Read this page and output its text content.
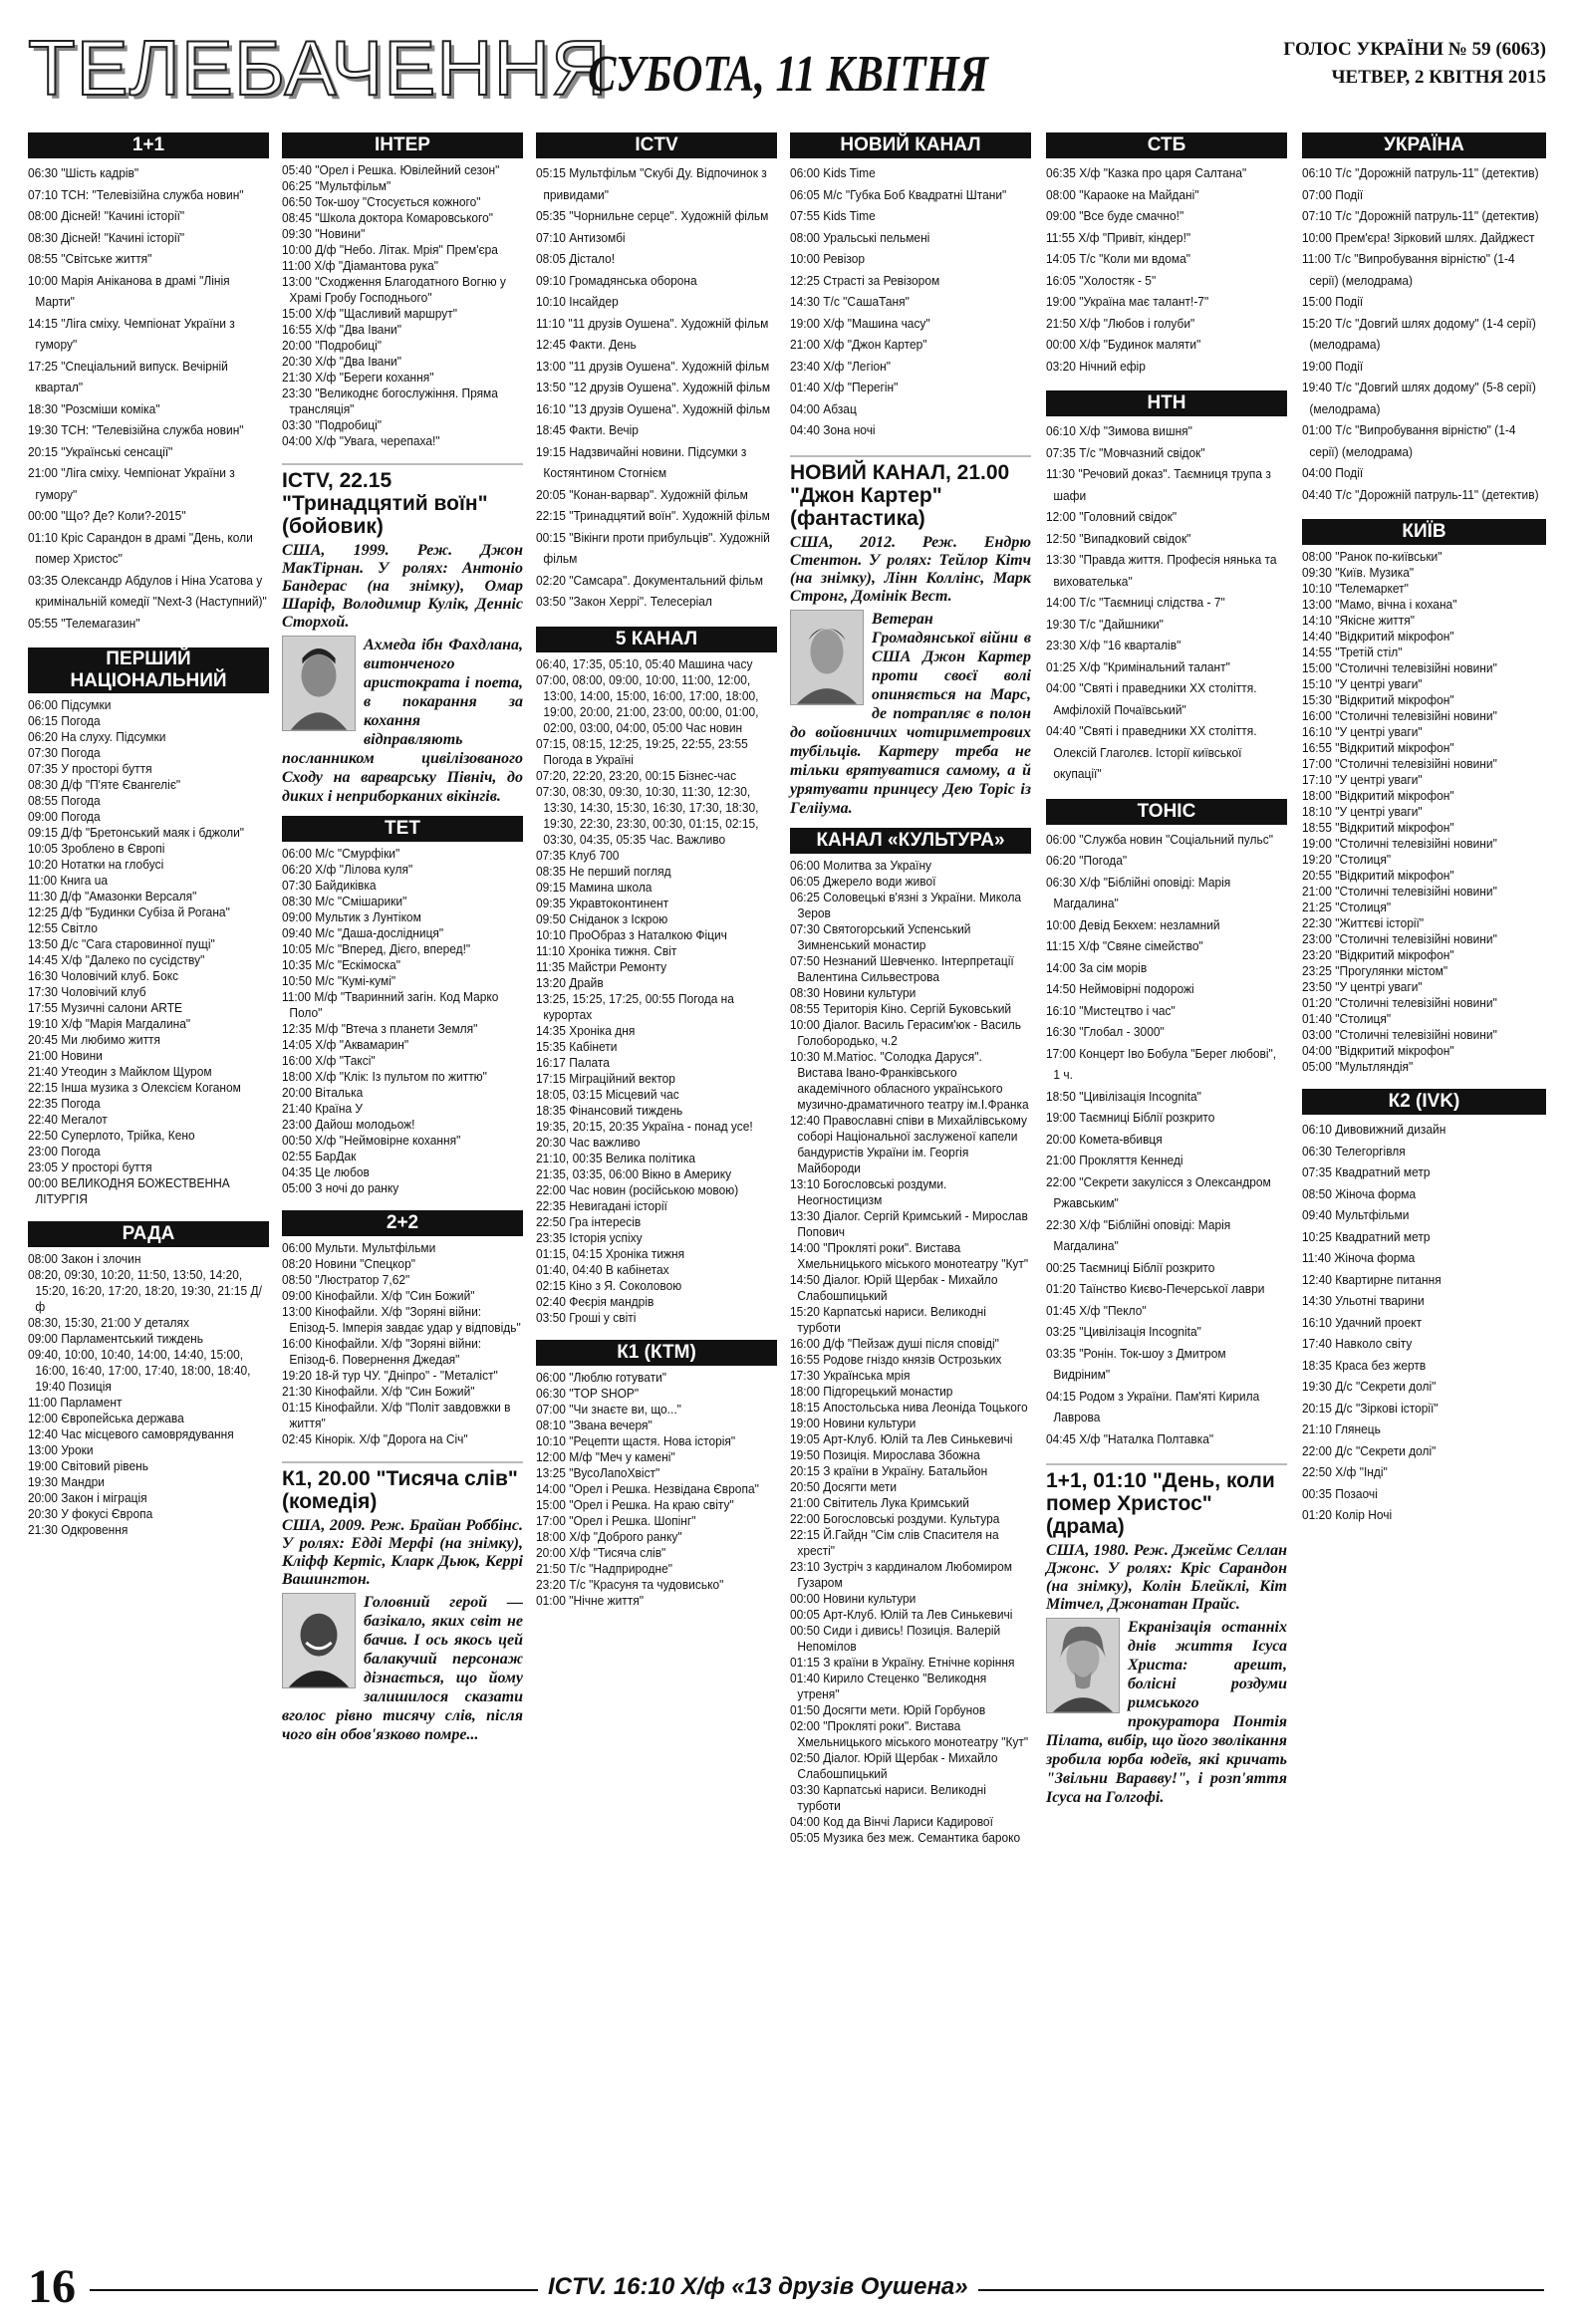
ТЕЛЕБАЧЕННЯ
СУБОТА, 11 КВІТНЯ	ГОЛОС УКРАЇНИ № 59 (6063)
ЧЕТВЕР, 2 КВІТНЯ 2015
1+1
06:30 "Шість кадрів"
07:10 ТСН: "Телевізійна служба новин"
08:00 Дісней! "Качині історії"
08:30 Дісней! "Качині історії"
08:55 "Світське життя"
10:00 Марія Аніканова в драмі "Лінія Марти"
14:15 "Ліга сміху. Чемпіонат України з гумору"
17:25 "Спеціальний випуск. Вечірній квартал"
18:30 "Розсміши коміка"
19:30 ТСН: "Телевізійна служба новин"
20:15 "Українські сенсації"
21:00 "Ліга сміху. Чемпіонат України з гумору"
00:00 "Що? Де? Коли?-2015"
01:10 Кріс Сарандон в драмі "День, коли помер Христос"
03:35 Олександр Абдулов і Ніна Усатова у кримінальній комедії "Next-3 (Наступний)"
05:55 "Телемагазин"
ПЕРШИЙ НАЦІОНАЛЬНИЙ
06:00 Підсумки
06:15 Погода
06:20 На слуху. Підсумки
07:30 Погода
07:35 У просторі буття
08:30 Д/ф "П'яте Євангеліє"
08:55 Погода
09:00 Погода
09:15 Д/ф "Бретонський маяк і бджоли"
10:05 Зроблено в Європі
10:20 Нотатки на глобусі
11:00 Книга ua
11:30 Д/ф "Амазонки Версаля"
12:25 Д/ф "Будинки Субіза й Рогана"
12:55 Світло
13:50 Д/с "Сага старовинної пущі"
14:45 Х/ф "Далеко по сусідству"
16:30 Чоловічий клуб. Бокс
17:30 Чоловічий клуб
17:55 Музичні салони ARTE
19:10 Х/ф "Марія Магдалина"
20:45 Ми любимо життя
21:00 Новини
21:40 Утеодин з Майклом Щуром
22:15 Інша музика з Олексієм Коганом
22:35 Погода
22:40 Мегалот
22:50 Суперлото, Трійка, Кено
23:00 Погода
23:05 У просторі буття
00:00 ВЕЛИКОДНЯ БОЖЕСТВЕННА ЛІТУРГІЯ
РАДА
08:00 Закон і злочин
08:20, 09:30, 10:20, 11:50, 13:50, 14:20, 15:20, 16:20, 17:20, 18:20, 19:30, 21:15 Д/ф
08:30, 15:30, 21:00 У деталях
09:00 Парламентський тиждень
09:40, 10:00, 10:40, 14:00, 14:40, 15:00, 16:00, 16:40, 17:00, 17:40, 18:00, 18:40, 19:40 Позиція
11:00 Парламент
12:00 Європейська держава
12:40 Час місцевого самоврядування
13:00 Уроки
19:00 Світовий рівень
19:30 Мандри
20:00 Закон і міграція
20:30 У фокусі Європа
21:30 Одкровення
ІНТЕР
05:40 "Орел і Решка. Ювілейний сезон"
06:25 "Мультфільм"
06:50 Ток-шоу "Стосується кожного"
08:45 "Школа доктора Комаровського"
09:30 "Новини"
10:00 Д/ф "Небо. Літак. Мрія" Прем'єра
11:00 Х/ф "Діамантова рука"
13:00 "Сходження Благодатного Вогню у Храмі Гробу Господнього"
15:00 Х/ф "Щасливий маршрут"
16:55 Х/ф "Два Івани"
20:00 "Подробиці"
20:30 Х/ф "Два Івани"
21:30 Х/ф "Береги кохання"
23:30 "Великоднє богослужіння. Пряма трансляція"
03:30 "Подробиці"
04:00 Х/ф "Увага, черепаха!"
ICTV, 22.15 "Тринадцятий воїн" (бойовик)
США, 1999. Реж. Джон МакТірнан. У ролях: Антоніо Бандерас (на знімку), Омар Шаріф, Володимир Кулік, Денніс Сторхой.
Ахмеда ібн Фахдлана, витонченого аристократа і поета, в покарання за кохання відправляють посланником цивілізованого Сходу на варварську Північ, до диких і неприборканих вікінгів.
ТЕТ
06:00 М/с "Смурфіки"
06:20 Х/ф "Лілова куля"
07:30 Байдиківка
08:30 М/с "Смішарики"
09:00 Мультик з Лунтіком
09:40 М/с "Даша-дослідниця"
10:05 М/с "Вперед, Дієго, вперед!"
10:35 М/с "Ескімоска"
10:50 М/с "Кумі-кумі"
11:00 М/ф "Тваринний загін. Код Марко Поло"
12:35 М/ф "Втеча з планети Земля"
14:05 Х/ф "Аквамарин"
16:00 Х/ф "Таксі"
18:00 Х/ф "Клік: Із пультом по життю"
20:00 Віталька
21:40 Країна У
23:00 Дайош молодьож!
00:50 Х/ф "Неймовірне кохання"
02:55 БарДак
04:35 Це любов
05:00 З ночі до ранку
2+2
06:00 Мульти. Мультфільми
08:20 Новини "Спецкор"
08:50 "Люстратор 7,62"
09:00 Кінофайли. Х/ф "Син Божий"
13:00 Кінофайли. Х/ф "Зоряні війни: Епізод-5. Імперія завдає удар у відповідь"
16:00 Кінофайли. Х/ф "Зоряні війни: Епізод-6. Повернення Джедая"
19:20 18-й тур ЧУ. "Дніпро" - "Металіст"
21:30 Кінофайли. Х/ф "Син Божий"
01:15 Кінофайли. Х/ф "Політ завдовжки в життя"
02:45 Кінорік. Х/ф "Дорога на Січ"
К1, 20.00 "Тисяча слів" (комедія)
США, 2009. Реж. Брайан Роббінс. У ролях: Едді Мерфі (на знімку), Кліфф Кертіс, Кларк Дьюк, Керрі Вашингтон.
Головний герой — базікало, яких світ не бачив. І ось якось цей балакучий персонаж дізнається, що йому залишилося сказати вголос рівно тисячу слів, після чого він обов'язково помре...
ICTV
05:15 Мультфільм "Скубі Ду. Відпочинок з привидами"
05:35 "Чорнильне серце". Художній фільм
07:10 Антизомбі
08:05 Дістало!
09:10 Громадянська оборона
10:10 Інсайдер
11:10 "11 друзів Оушена". Художній фільм
12:45 Факти. День
13:00 "11 друзів Оушена". Художній фільм
13:50 "12 друзів Оушена". Художній фільм
16:10 "13 друзів Оушена". Художній фільм
18:45 Факти. Вечір
19:15 Надзвичайні новини. Підсумки з Костянтином Стогнієм
20:05 "Конан-варвар". Художній фільм
22:15 "Тринадцятий воїн". Художній фільм
00:15 "Вікінги проти прибульців". Художній фільм
02:20 "Самсара". Документальний фільм
03:50 "Закон Херрі". Телесеріал
5 КАНАЛ
06:40, 17:35, 05:10, 05:40 Машина часу
07:00, 08:00, 09:00, 10:00, 11:00, 12:00, 13:00, 14:00, 15:00, 16:00, 17:00, 18:00, 19:00, 20:00, 21:00, 23:00, 00:00, 01:00, 02:00, 03:00, 04:00, 05:00 Час новин
07:15, 08:15, 12:25, 19:25, 22:55, 23:55 Погода в Україні
07:20, 22:20, 23:20, 00:15 Бізнес-час
07:30, 08:30, 09:30, 10:30, 11:30, 12:30, 13:30, 14:30, 15:30, 16:30, 17:30, 18:30, 19:30, 22:30, 23:30, 00:30, 01:15, 02:15, 03:30, 04:35, 05:35 Час. Важливо
07:35 Клуб 700
08:35 Не перший погляд
09:15 Мамина школа
09:35 Укравтоконтинент
09:50 Сніданок з Іскрою
10:10 ПроОбраз з Наталкою Фіцич
11:10 Хроніка тижня. Світ
11:35 Майстри Ремонту
13:20 Драйв
13:25, 15:25, 17:25, 00:55 Погода на курортах
14:35 Хроніка дня
15:35 Кабінети
16:17 Палата
17:15 Міграційний вектор
18:05, 03:15 Місцевий час
18:35 Фінансовий тиждень
19:35, 20:15, 20:35 Україна - понад усе!
20:30 Час важливо
21:10, 00:35 Велика політика
21:35, 03:35, 06:00 Вікно в Америку
22:00 Час новин (російською мовою)
22:35 Невигадані історії
22:50 Гра інтересів
23:35 Історія успіху
01:15, 04:15 Хроніка тижня
01:40, 04:40 В кабінетах
02:15 Кіно з Я. Соколовою
02:40 Феєрія мандрів
03:50 Гроші у світі
К1 (КТМ)
06:00 "Люблю готувати"
06:30 "TOP SHOP"
07:00 "Чи знаєте ви, що..."
08:10 "Звана вечеря"
10:10 "Рецепти щастя. Нова історія"
12:00 М/ф "Меч у камені"
13:25 "ВусоЛапоХвіст"
14:00 "Орел і Решка. Незвідана Європа"
15:00 "Орел і Решка. На краю світу"
17:00 "Орел і Решка. Шопінг"
18:00 Х/ф "Доброго ранку"
20:00 Х/ф "Тисяча слів"
21:50 Т/с "Надприродне"
23:20 Т/с "Красуня та чудовисько"
01:00 "Нічне життя"
НОВИЙ КАНАЛ
06:00 Kids Time
06:05 М/с "Губка Боб Квадратні Штани"
07:55 Kids Time
08:00 Уральські пельмені
10:00 Ревізор
12:25 Страсті за Ревізором
14:30 Т/с "СашаТаня"
19:00 Х/ф "Машина часу"
21:00 Х/ф "Джон Картер"
23:40 Х/ф "Легіон"
01:40 Х/ф "Перегін"
04:00 Абзац
04:40 Зона ночі
НОВИЙ КАНАЛ, 21.00 "Джон Картер" (фантастика)
США, 2012. Реж. Ендрю Стентон. У ролях: Тейлор Кітч (на знімку), Лінн Коллінс, Марк Стронг, Домінік Вест.
Ветеран Громадянської війни в США Джон Картер проти своєї волі опиняється на Марс, де потрапляє в полон до войовничих чотириметрових тубільців. Картеру треба не тільки врятуватися самому, а й урятувати принцесу Дею Торіс із Гелііума.
КАНАЛ «КУЛЬТУРА»
06:00 Молитва за Україну
06:05 Джерело води живої
06:25 Соловецькі в'язні з України. Микола Зеров
07:30 Святогорський Успенський Зимненський монастир
07:50 Незнаний Шевченко. Інтерпретації Валентина Сильвестрова
08:30 Новини культури
08:55 Територія Кіно. Сергій Буковський
10:00 Діалог. Василь Герасим'юк - Василь Голобородько, ч.2
10:30 М.Матіос. "Солодка Даруся". Вистава Івано-Франківського академічного обласного українського музично-драматичного театру ім.І.Франка
12:40 Православні співи в Михайлівському соборі Національної заслуженої капели бандуристів України ім. Георгія Майбороди
13:10 Богословські роздуми. Неогностицизм
13:30 Діалог. Сергій Кримський - Мирослав Попович
14:00 "Прокляті роки". Вистава Хмельницького міського монотеатру "Кут"
14:50 Діалог. Юрій Щербак - Михайло Слабошпицький
15:20 Карпатські нариси. Великодні турботи
16:00 Д/ф "Пейзаж душі після сповіді"
16:55 Родове гніздо князів Острозьких
17:30 Українська мрія
18:00 Підгорецький монастир
18:15 Апостольська нива Леоніда Тоцького
19:00 Новини культури
19:05 Арт-Клуб. Юлій та Лев Синькевичі
19:50 Позиція. Мирослава Збожна
20:15 З країни в Україну. Батальйон
20:50 Досягти мети
21:00 Світитель Лука Кримський
22:00 Богословські роздуми. Культура
22:15 Й.Гайдн "Сім слів Спасителя на хресті"
23:10 Зустріч з кардиналом Любомиром Гузаром
00:00 Новини культури
00:05 Арт-Клуб. Юлій та Лев Синькевичі
00:50 Сиди і дивись! Позиція. Валерій Непомілов
01:15 З країни в Україну. Етнічне коріння
01:40 Кирило Стеценко "Великодня утреня"
01:50 Досягти мети. Юрій Горбунов
02:00 "Прокляті роки". Вистава Хмельницького міського монотеатру "Кут"
02:50 Діалог. Юрій Щербак - Михайло Слабошпицький
03:30 Карпатські нариси. Великодні турботи
04:00 Код да Вінчі Лариси Кадирової
05:05 Музика без меж. Семантика бароко
СТБ
06:35 Х/ф "Казка про царя Салтана"
08:00 "Караоке на Майдані"
09:00 "Все буде смачно!"
11:55 Х/ф "Привіт, кіндер!"
14:05 Т/с "Коли ми вдома"
16:05 "Холостяк - 5"
19:00 "Україна має талант!-7"
21:50 Х/ф "Любов і голуби"
00:00 Х/ф "Будинок маляти"
03:20 Нічний ефір
НТН
06:10 Х/ф "Зимова вишня"
07:35 Т/с "Мовчазний свідок"
11:30 "Речовий доказ". Таємниця трупа з шафи
12:00 "Головний свідок"
12:50 "Випадковий свідок"
13:30 "Правда життя. Професія нянька та вихователька"
14:00 Т/с "Таємниці слідства - 7"
19:30 Т/с "Дайшники"
23:30 Х/ф "16 кварталів"
01:25 Х/ф "Кримінальний талант"
04:00 "Святі і праведники XX століття. Амфілохій Почаївський"
04:40 "Святі і праведники XX століття. Олексій Глаголєв. Історії київської окупації"
ТОНІС
06:00 "Служба новин "Соціальний пульс"
06:20 "Погода"
06:30 Х/ф "Біблійні оповіді: Марія Магдалина"
10:00 Девід Бекхем: незламний
11:15 Х/ф "Свяне сімейство"
14:00 За сім морів
14:50 Неймовірні подорожі
16:10 "Мистецтво і час"
16:30 "Глобал - 3000"
17:00 Концерт Іво Бобула "Берег любові", 1 ч.
18:50 "Цивілізація Incognita"
19:00 Таємниці Біблії розкрито
20:00 Комета-вбивця
21:00 Прокляття Кеннеді
22:00 "Секрети закулісся з Олександром Ржавським"
22:30 Х/ф "Біблійні оповіді: Марія Магдалина"
00:25 Таємниці Біблії розкрито
01:20 Таїнство Києво-Печерської лаври
01:45 Х/ф "Пекло"
03:25 "Цивілізація Incognita"
03:35 "Ронін. Ток-шоу з Дмитром Видріним"
04:15 Родом з України. Пам'яті Кирила Лаврова
04:45 Х/ф "Наталка Полтавка"
1+1, 01:10 "День, коли помер Христос" (драма)
США, 1980. Реж. Джеймс Селлан Джонс. У ролях: Кріс Сарандон (на знімку), Колін Блейклі, Кіт Мітчел, Джонатан Прайс.
Екранізація останніх днів життя Ісуса Христа: арешт, болісні роздуми римського прокуратора Понтія Пілата, вибір, що його зволікання зробила юрба юдеїв, які кричать "Звільни Варавву!", і розп'яття Ісуса на Голгофі.
УКРАЇНА
06:10 Т/с "Дорожній патруль-11" (детектив)
07:00 Події
07:10 Т/с "Дорожній патруль-11" (детектив)
10:00 Прем'єра! Зірковий шлях. Дайджест
11:00 Т/с "Випробування вірністю" (1-4 серії) (мелодрама)
15:00 Події
15:20 Т/с "Довгий шлях додому" (1-4 серії) (мелодрама)
19:00 Події
19:40 Т/с "Довгий шлях додому" (5-8 серії) (мелодрама)
01:00 Т/с "Випробування вірністю" (1-4 серії) (мелодрама)
04:00 Події
04:40 Т/с "Дорожній патруль-11" (детектив)
КИЇВ
08:00 "Ранок по-київськи"
09:30 "Київ. Музика"
10:10 "Телемаркет"
13:00 "Мамо, вічна і кохана"
14:10 "Якісне життя"
14:40 "Відкритий мікрофон"
14:55 "Третій стіл"
15:00 "Столичні телевізійні новини"
15:10 "У центрі уваги"
15:30 "Відкритий мікрофон"
16:00 "Столичні телевізійні новини"
16:10 "У центрі уваги"
16:55 "Відкритий мікрофон"
17:00 "Столичні телевізійні новини"
17:10 "У центрі уваги"
18:00 "Відкритий мікрофон"
18:10 "У центрі уваги"
18:55 "Відкритий мікрофон"
19:00 "Столичні телевізійні новини"
19:20 "Столиця"
20:55 "Відкритий мікрофон"
21:00 "Столичні телевізійні новини"
21:25 "Столиця"
22:30 "Життєві історії"
23:00 "Столичні телевізійні новини"
23:20 "Відкритий мікрофон"
23:25 "Прогулянки містом"
23:50 "У центрі уваги"
01:20 "Столичні телевізійні новини"
01:40 "Столиця"
03:00 "Столичні телевізійні новини"
04:00 "Відкритий мікрофон"
05:00 "Мультляндія"
К2 (IVK)
06:10 Дивовижний дизайн
06:30 Телегоргівля
07:35 Квадратний метр
08:50 Жіноча форма
09:40 Мультфільми
10:25 Квадратний метр
11:40 Жіноча форма
12:40 Квартирне питання
14:30 Ульотні тварини
16:10 Удачний проект
17:40 Навколо світу
18:35 Краса без жертв
19:30 Д/с "Секрети долі"
20:15 Д/с "Зіркові історії"
21:10 Глянець
22:00 Д/с "Секрети долі"
22:50 Х/ф "Інді"
00:35 Позаочі
01:20 Колір Ночі
16	ICTV. 16:10 Х/ф «13 друзів Оушена»
